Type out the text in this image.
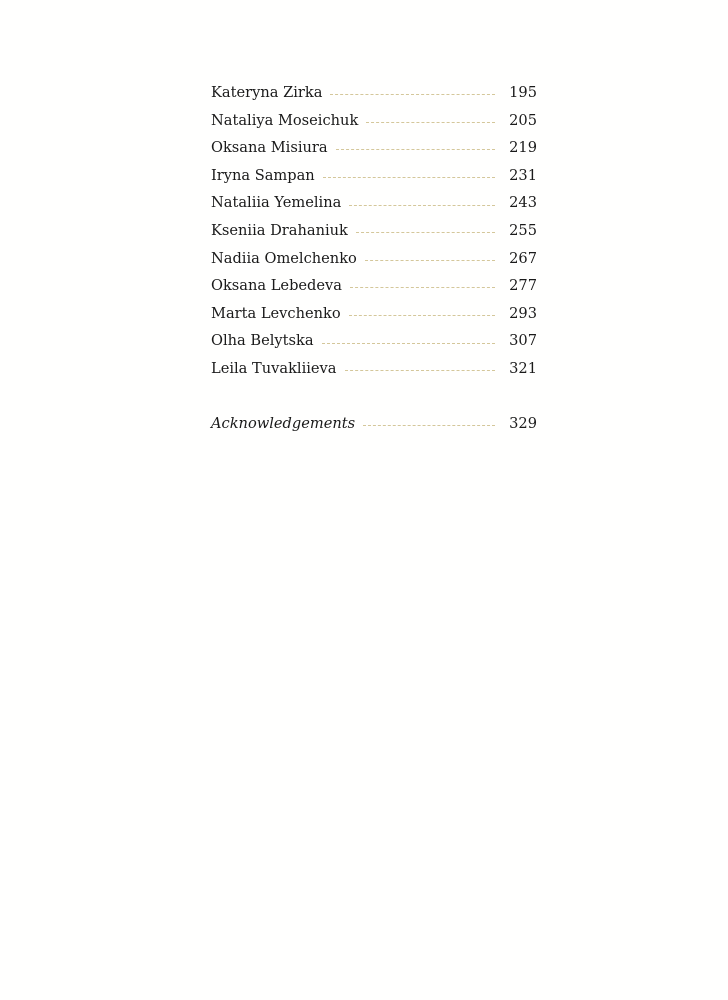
Kateryna Zirka	195
Nataliya Moseichuk	205
Oksana Misiura	219
Iryna Sampan	231
Nataliia Yemelina	243
Kseniia Drahaniuk	255
Nadiia Omelchenko	267
Oksana Lebedeva	277
Marta Levchenko	293
Olha Belytska	307
Leila Tuvakliieva	321
Acknowledgements	329
